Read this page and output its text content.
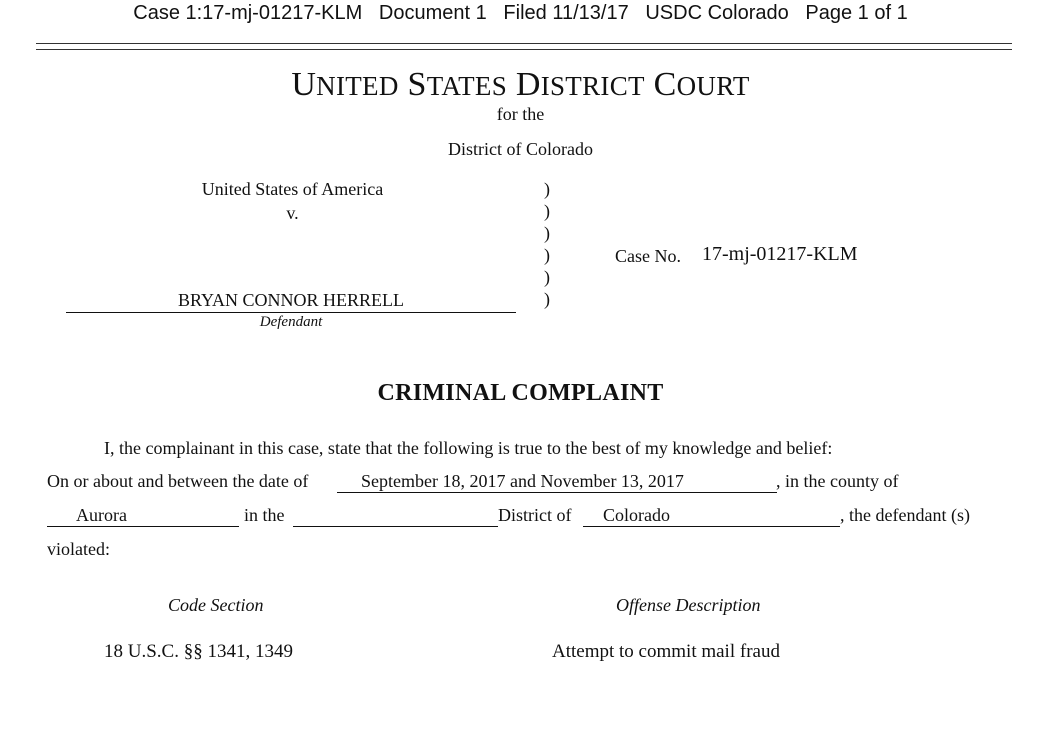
Case 1:17-mj-01217-KLM   Document 1   Filed 11/13/17   USDC Colorado   Page 1 of 1
UNITED STATES DISTRICT COURT
for the
District of Colorado
United States of America
v.
)
)
)
)
)
)
Case No. 17-mj-01217-KLM
BRYAN CONNOR HERRELL
Defendant
CRIMINAL COMPLAINT
I, the complainant in this case, state that the following is true to the best of my knowledge and belief:
On or about and between the date of	September 18, 2017 and November 13, 2017	, in the county of
Aurora	in the	District of Colorado	, the defendant (s)
violated:
Code Section	Offense Description
18 U.S.C. §§ 1341, 1349	Attempt to commit mail fraud
